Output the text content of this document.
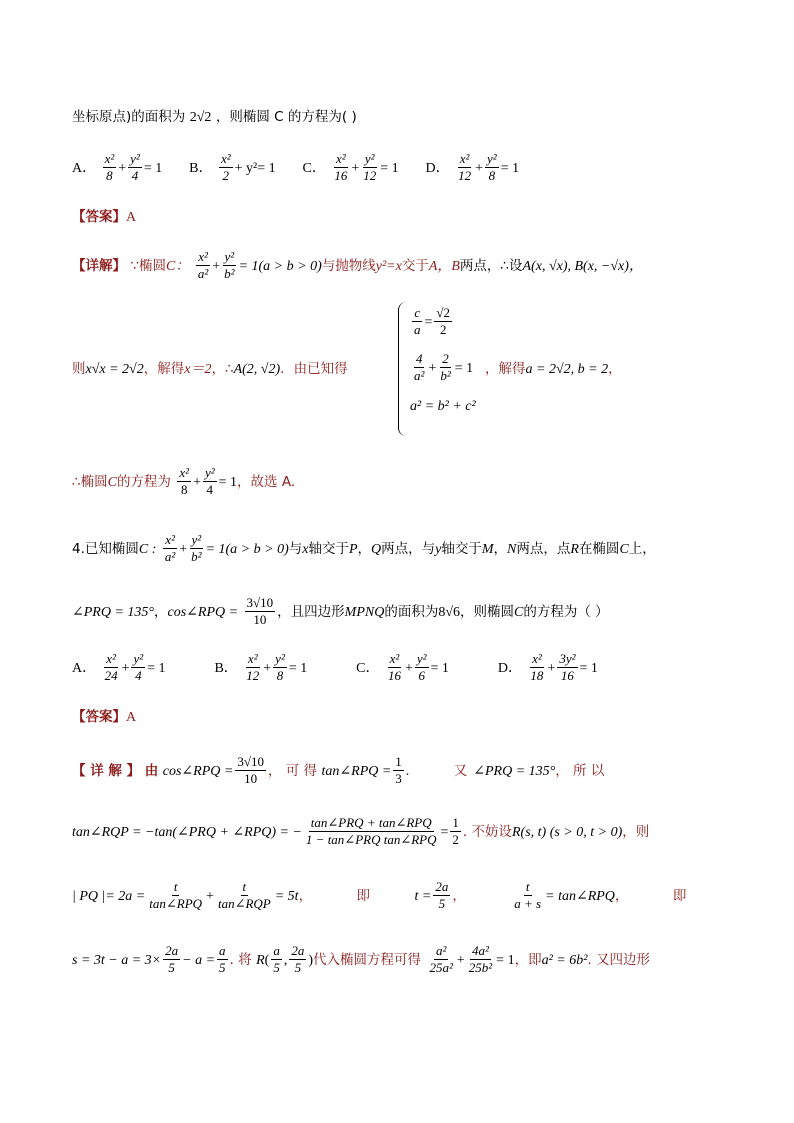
坐标原点)的面积为 2√2 ，则椭圆 C 的方程为( )
A． $\frac{\text{x²}}{8} + \frac{\text{y²}}{4} = 1$ B． $\frac{\text{x²}}{2} + y^2= 1$ C． $\frac{\text{x²}}{16} + \frac{\text{y²}}{12} = 1$ D． $\frac{\text{x²}}{12} + \frac{\text{y²}}{8} = 1$
【答案】A
【详解】 ∵椭圆C： $\frac{\text{x²}}{\text{a²}} + \frac{\text{y²}}{\text{b²}} = 1(a > b > 0)$与抛物线y²=x交于A，B两点，∴设A(x, √x), B(x, −√x)，
则x√x = 2√2，解得x＝2，∴A(2, √2)．由已知得
$\frac{c}{a} = \frac{√2}{2}$
$\frac{4}{\text{a²}} + \frac{2}{\text{b²}} = 1$
a² = b² + c²
，解得a = 2√2, b = 2，
∴椭圆C的方程为 $\frac{\text{x²}}{8} + \frac{\text{y²}}{4} = 1$，故选 A.
4.已知椭圆C : $\frac{\text{x²}}{\text{a²}} + \frac{\text{y²}}{\text{b²}} = 1(a > b > 0)$与x轴交于P，Q两点，与y轴交于M，N两点，点R在椭圆C上，
∠PRQ = 135°，cos∠RPQ = $\frac{3√10}{10}$ ，且四边形MPNQ的面积为8√6，则椭圆C的方程为（ ）
A． $\frac{\text{x²}}{24} + \frac{\text{y²}}{4} = 1$	B． $\frac{\text{x²}}{12} + \frac{\text{y²}}{8} = 1$	C． $\frac{\text{x²}}{16} + \frac{\text{y²}}{6} = 1$	D． $\frac{\text{x²}}{18} + \frac{\text{3y²}}{16} = 1$
【答案】A
【 详 解 】 由 cos∠RPQ = $\frac{3√10}{10}$ ， 可 得 tan∠RPQ = $\frac{1}{3}$ .	又 ∠PRQ = 135°， 所 以
tan∠RQP = −tan(∠PRQ + ∠RPQ) = − $\frac{\text{tan∠PRQ + tan∠RPQ}}{\text{1 − tan∠PRQ tan∠RPQ}} = \frac{1}{2}$ . 不妨设R(s, t) (s > 0, t > 0)，则
| PQ |= $2a = \frac{t}{\text{tan∠RPQ}} + \frac{t}{\text{tan∠RQP}} = 5t$，	即	$t = \frac{2a}{5}$ ，	$\frac{t}{a + s}$ = tan∠RPQ，	即
$s = 3t - a = 3\times \frac{2a}{5} - a = \frac{a}{5}$ . 将 $R( \frac{a}{5}$ , $\frac{2a}{5}$ )代入椭圆方程可得 $\frac{\text{a²}}{\text{25a²}} + \frac{\text{4a²}}{\text{25b²}} = 1$，即a² = 6b². 又四边形
